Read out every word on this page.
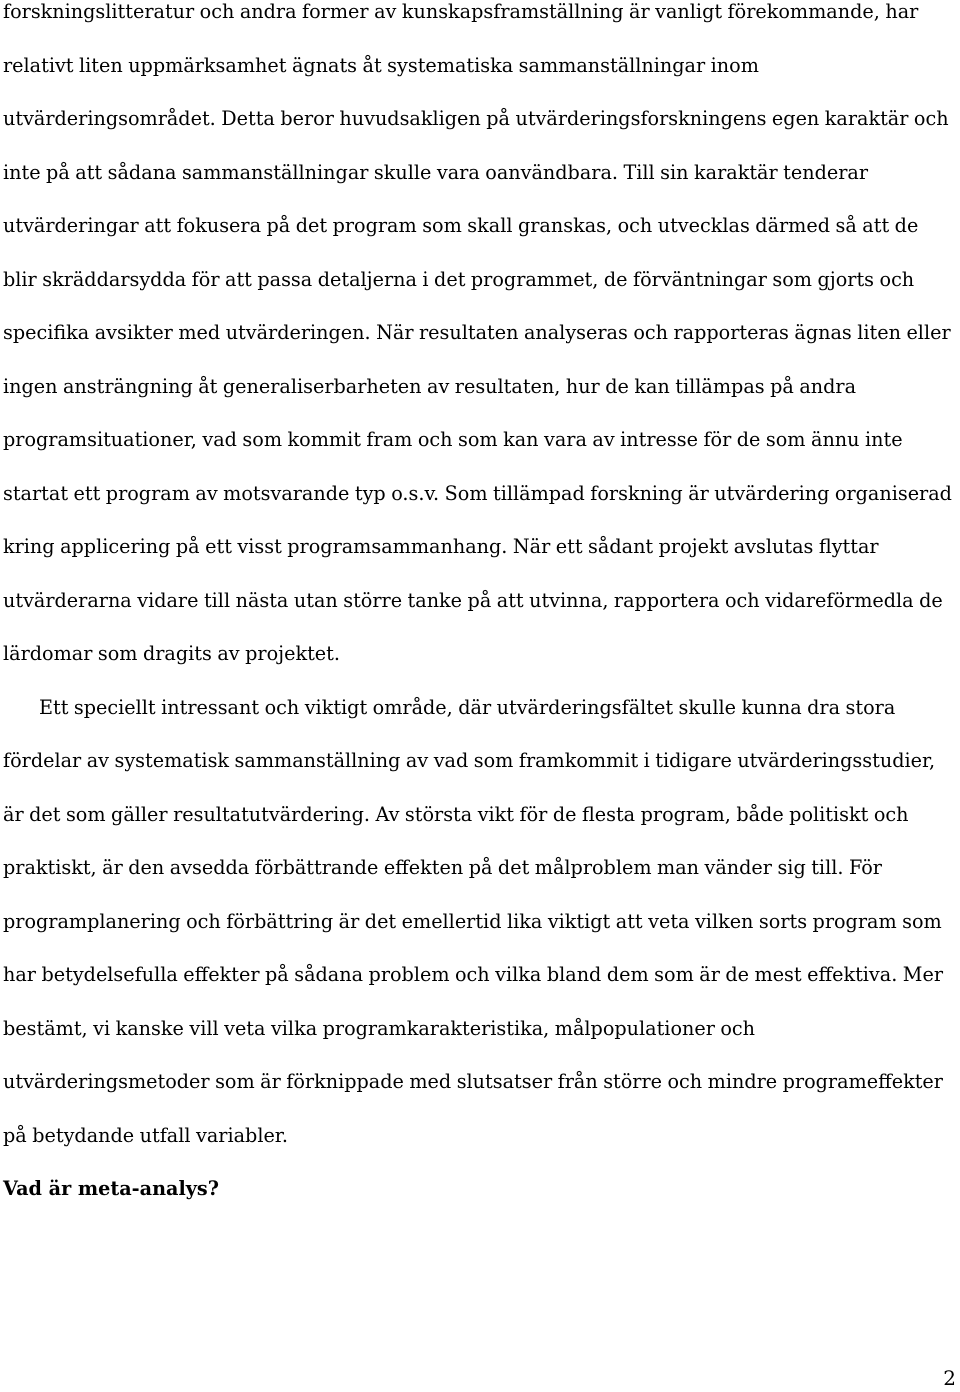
forskningslitteratur och andra former av kunskapsframställning är vanligt förekommande, har relativt liten uppmärksamhet ägnats åt systematiska sammanställningar inom utvärderingsområdet. Detta beror huvudsakligen på utvärderingsforskningens egen karaktär och inte på att sådana sammanställningar skulle vara oanvändbara. Till sin karaktär tenderar utvärderingar att fokusera på det program som skall granskas, och utvecklas därmed så att de blir skräddarsydda för att passa detaljerna i det programmet, de förväntningar som gjorts och specifika avsikter med utvärderingen. När resultaten analyseras och rapporteras ägnas liten eller ingen ansträngning åt generaliserbarheten av resultaten, hur de kan tillämpas på andra programsituationer, vad som kommit fram och som kan vara av intresse för de som ännu inte startat ett program av motsvarande typ o.s.v. Som tillämpad forskning är utvärdering organiserad kring applicering på ett visst programsammanhang. När ett sådant projekt avslutas flyttar utvärderarna vidare till nästa utan större tanke på att utvinna, rapportera och vidareförmedla de lärdomar som dragits av projektet.

Ett speciellt intressant och viktigt område, där utvärderingsfältet skulle kunna dra stora fördelar av systematisk sammanställning av vad som framkommit i tidigare utvärderingsstudier, är det som gäller resultatutvärdering. Av största vikt för de flesta program, både politiskt och praktiskt, är den avsedda förbättrande effekten på det målproblem man vänder sig till. För programplanering och förbättring är det emellertid lika viktigt att veta vilken sorts program som har betydelsefulla effekter på sådana problem och vilka bland dem som är de mest effektiva. Mer bestämt, vi kanske vill veta vilka programkarakteristika, målpopulationer och utvärderingsmetoder som är förknippade med slutsatser från större och mindre programeffekter på betydande utfall variabler.

Vad är meta-analys?

2
